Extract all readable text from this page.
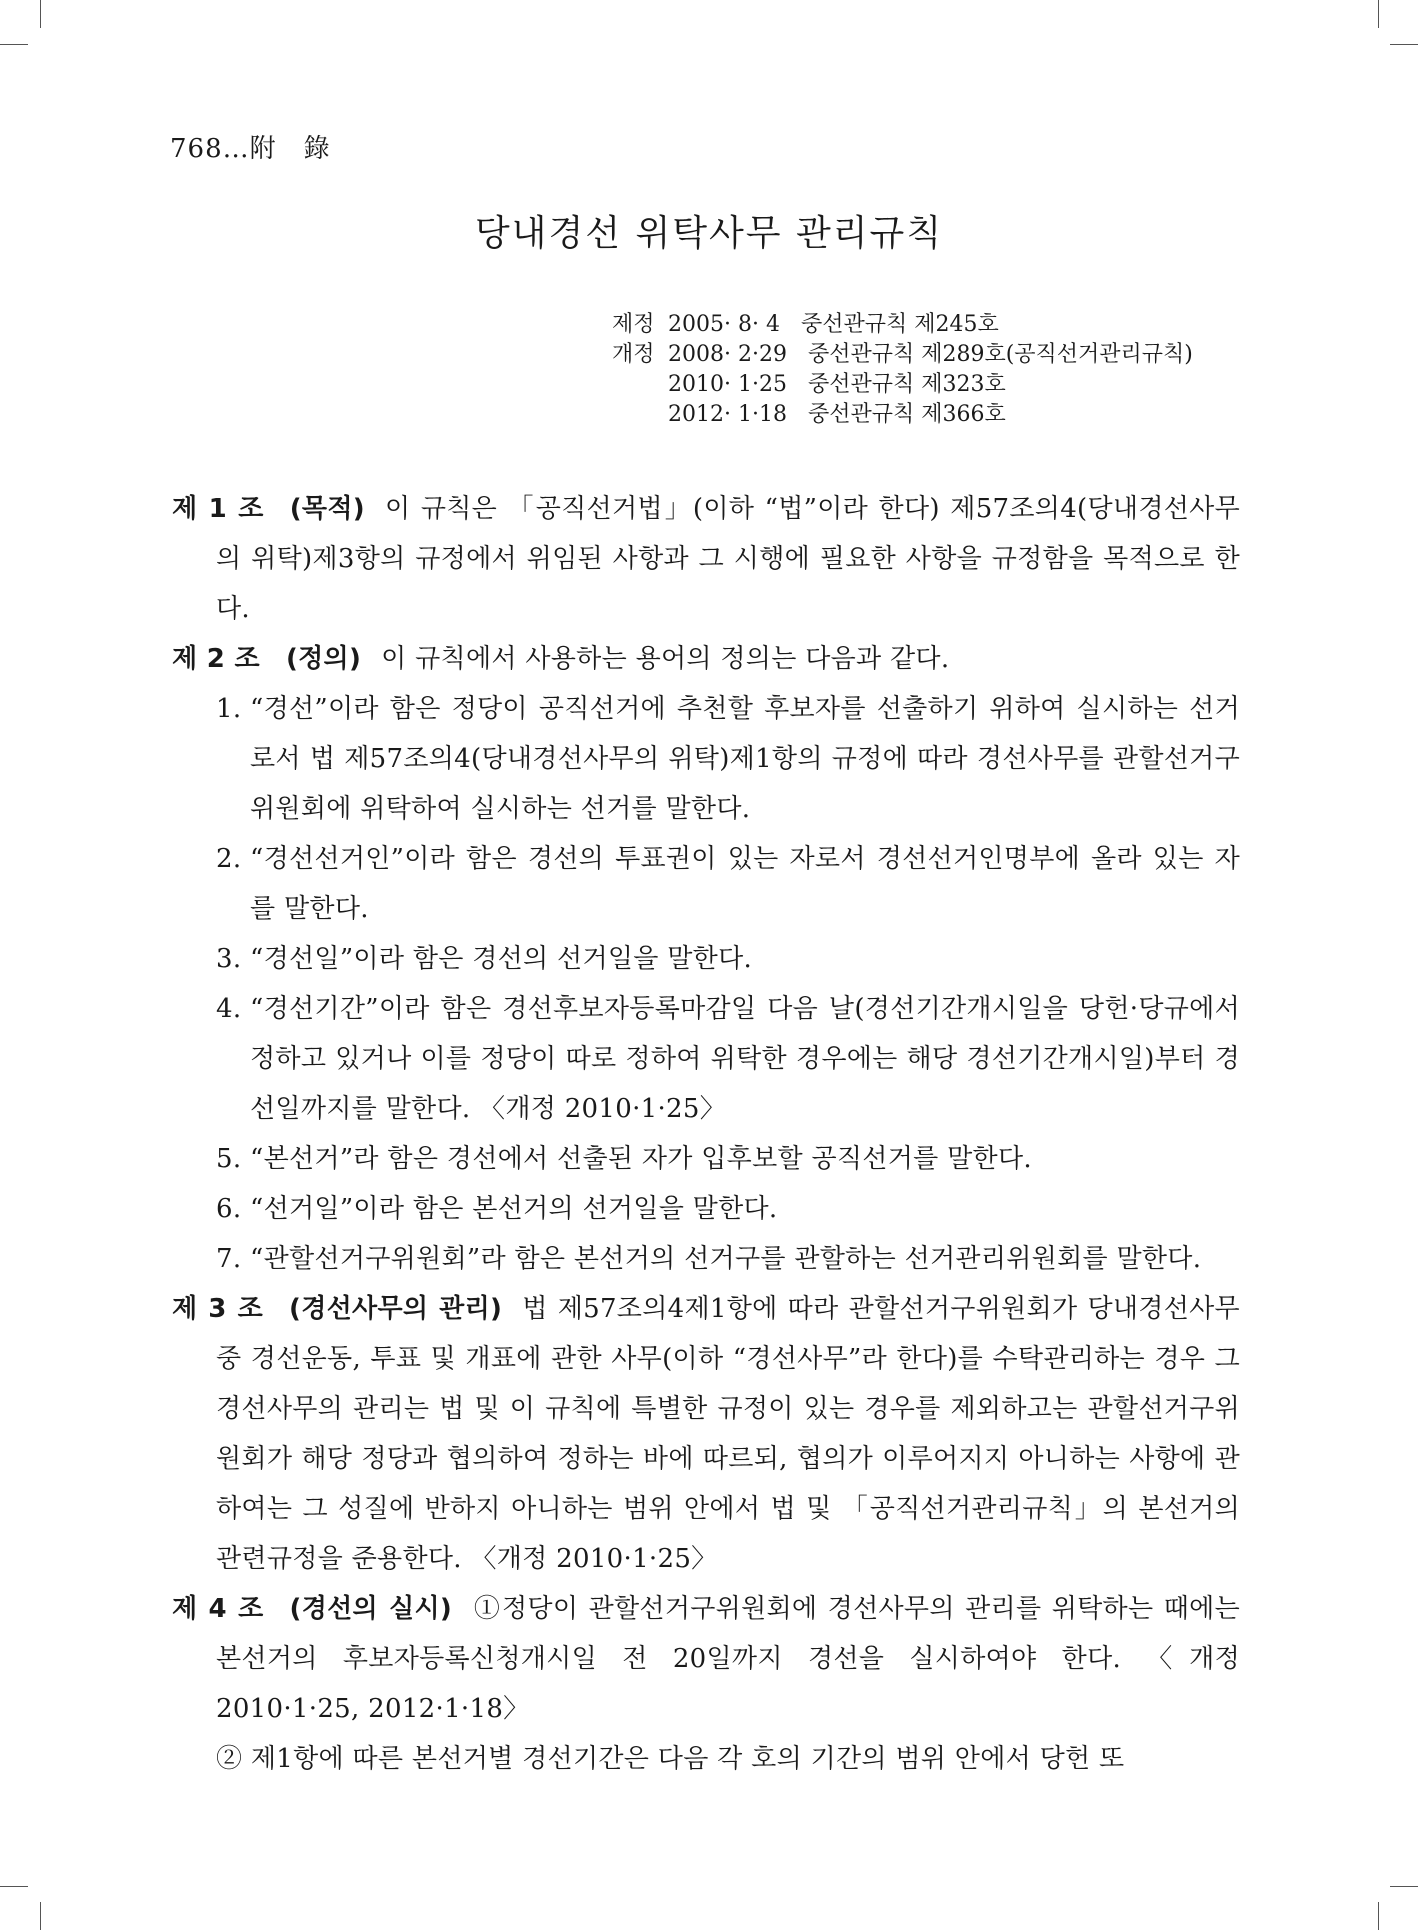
768…附　錄
당내경선 위탁사무 관리규칙
제정 2005· 8· 4 중선관규칙 제245호
개정 2008· 2·29 중선관규칙 제289호(공직선거관리규칙)
2010· 1·25 중선관규칙 제323호
2012· 1·18 중선관규칙 제366호
제 1 조 (목적) 이 규칙은 「공직선거법」(이하 “법”이라 한다) 제57조의4(당내경선사무의 위탁)제3항의 규정에서 위임된 사항과 그 시행에 필요한 사항을 규정함을 목적으로 한다.
제 2 조 (정의) 이 규칙에서 사용하는 용어의 정의는 다음과 같다.
1. “경선”이라 함은 정당이 공직선거에 추천할 후보자를 선출하기 위하여 실시하는 선거로서 법 제57조의4(당내경선사무의 위탁)제1항의 규정에 따라 경선사무를 관할선거구위원회에 위탁하여 실시하는 선거를 말한다.
2. “경선선거인”이라 함은 경선의 투표권이 있는 자로서 경선선거인명부에 올라 있는 자를 말한다.
3. “경선일”이라 함은 경선의 선거일을 말한다.
4. “경선기간”이라 함은 경선후보자등록마감일 다음 날(경선기간개시일을 당헌·당규에서 정하고 있거나 이를 정당이 따로 정하여 위탁한 경우에는 해당 경선기간개시일)부터 경선일까지를 말한다. 〈개정 2010·1·25〉
5. “본선거”라 함은 경선에서 선출된 자가 입후보할 공직선거를 말한다.
6. “선거일”이라 함은 본선거의 선거일을 말한다.
7. “관할선거구위원회”라 함은 본선거의 선거구를 관할하는 선거관리위원회를 말한다.
제 3 조 (경선사무의 관리) 법 제57조의4제1항에 따라 관할선거구위원회가 당내경선사무 중 경선운동, 투표 및 개표에 관한 사무(이하 “경선사무”라 한다)를 수탁관리하는 경우 그 경선사무의 관리는 법 및 이 규칙에 특별한 규정이 있는 경우를 제외하고는 관할선거구위원회가 해당 정당과 협의하여 정하는 바에 따르되, 협의가 이루어지지 아니하는 사항에 관하여는 그 성질에 반하지 아니하는 범위 안에서 법 및 「공직선거관리규칙」의 본선거의 관련규정을 준용한다. 〈개정 2010·1·25〉
제 4 조 (경선의 실시) ①정당이 관할선거구위원회에 경선사무의 관리를 위탁하는 때에는 본선거의 후보자등록신청개시일 전 20일까지 경선을 실시하여야 한다. 〈개정 2010·1·25, 2012·1·18〉
② 제1항에 따른 본선거별 경선기간은 다음 각 호의 기간의 범위 안에서 당헌 또
